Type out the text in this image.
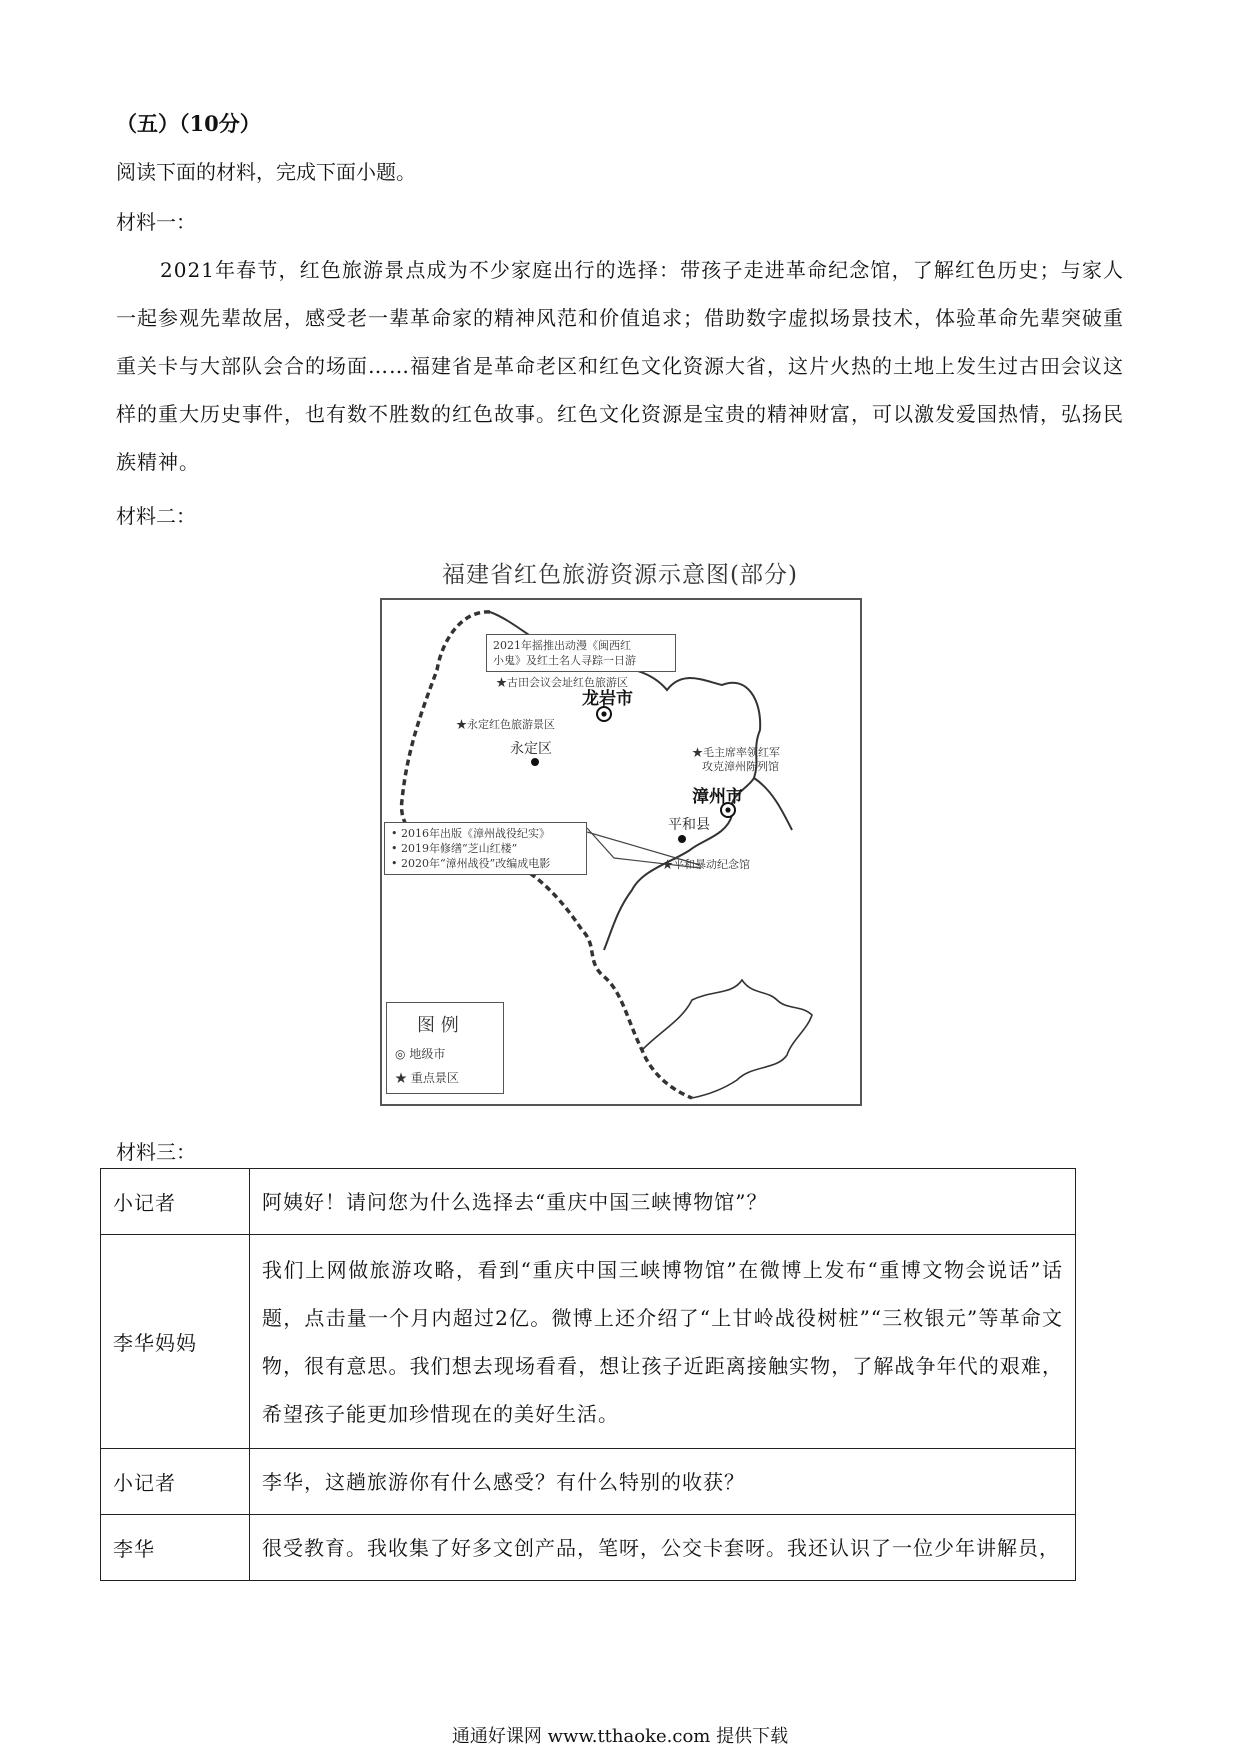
（五）（10分）
阅读下面的材料，完成下面小题。
材料一：
2021年春节，红色旅游景点成为不少家庭出行的选择：带孩子走进革命纪念馆，了解红色历史；与家人一起参观先辈故居，感受老一辈革命家的精神风范和价值追求；借助数字虚拟场景技术，体验革命先辈突破重重关卡与大部队会合的场面……福建省是革命老区和红色文化资源大省，这片火热的土地上发生过古田会议这样的重大历史事件，也有数不胜数的红色故事。红色文化资源是宝贵的精神财富，可以激发爱国热情，弘扬民族精神。
材料二：
福建省红色旅游资源示意图(部分)
2021年摇推出动漫《闽西红
小鬼》及红土名人寻踪一日游
★古田会议会址红色旅游区
龙岩市
★永定红色旅游景区
永定区	★毛主席率领红军
攻克漳州陈列馆
漳州市
平和县
★平和暴动纪念馆
• 2016年出版《漳州战役纪实》
• 2019年修缮“芝山红楼”
• 2020年“漳州战役”改编成电影
图 例
◎ 地级市
★ 重点景区
材料三：
小记者	阿姨好！请问您为什么选择去“重庆中国三峡博物馆”？
李华妈妈	我们上网做旅游攻略，看到“重庆中国三峡博物馆”在微博上发布“重博文物会说话”话题，点击量一个月内超过2亿。微博上还介绍了“上甘岭战役树桩”“三枚银元”等革命文物，很有意思。我们想去现场看看，想让孩子近距离接触实物，了解战争年代的艰难，希望孩子能更加珍惜现在的美好生活。
小记者	李华，这趟旅游你有什么感受？有什么特别的收获？
李华	很受教育。我收集了好多文创产品，笔呀，公交卡套呀。我还认识了一位少年讲解员，
通通好课网 www.tthaoke.com 提供下载
